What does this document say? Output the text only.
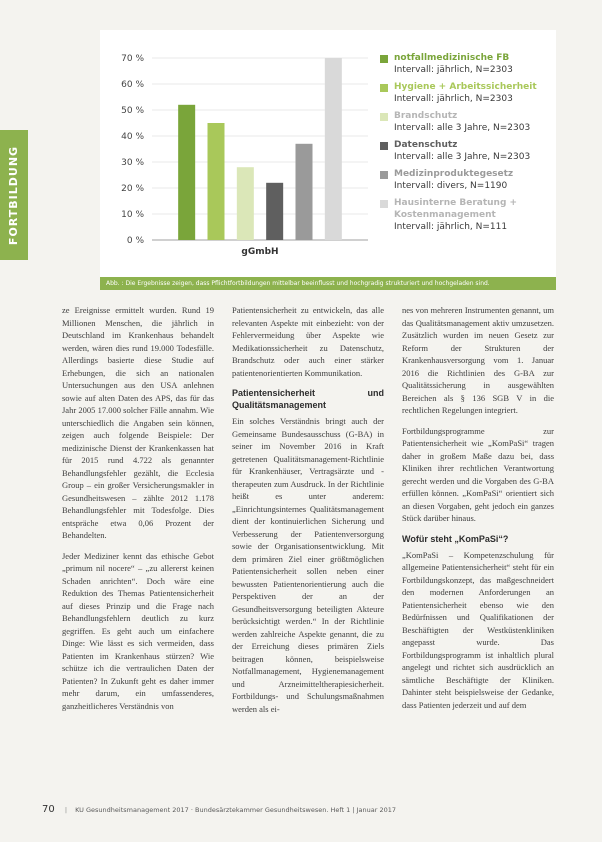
FORTBILDUNG
70 %
60 %
50 %
40 %
30 %
20 %
10 %
0 %
gGmbH
notfallmedizinische FB
Intervall: jährlich, N=2303
Hygiene + Arbeitssicherheit
Intervall: jährlich, N=2303
Brandschutz
Intervall: alle 3 Jahre, N=2303
Datenschutz
Intervall: alle 3 Jahre, N=2303
Medizinproduktegesetz
Intervall: divers, N=1190
Hausinterne Beratung + Kostenmanagement
Intervall: jährlich, N=111
Abb. : Die Ergebnisse zeigen, dass Pflichtfortbildungen mittelbar beeinflusst und hochgradig strukturiert und hochgeladen sind.

ze Ereignisse ermittelt wurden. Rund 19 Millionen Menschen, die jährlich in Deutschland im Krankenhaus behandelt werden, wären dies rund 19.000 Todesfälle. Allerdings basierte diese Studie auf Erhebungen, die sich an nationalen Untersuchungen aus den USA anlehnen sowie auf alten Daten des APS, das für das Jahr 2005 17.000 solcher Fälle annahm. Wie unterschiedlich die Angaben sein können, zeigen auch folgende Beispiele: Der medizinische Dienst der Krankenkassen hat für 2015 rund 4.722 als genannter Behandlungsfehler gezählt, die Ecclesia Group – ein großer Versicherungsmakler in Gesundheitswesen – zählte 2012 1.178 Behandlungsfehler mit Todesfolge. Dies entspräche etwa 0,06 Prozent der Behandelten.

Jeder Mediziner kennt das ethische Gebot „primum nil nocere“ – „zu allererst keinen Schaden anrichten“. Doch wäre eine Reduktion des Themas Patientensicherheit auf dieses Prinzip und die Frage nach Behandlungsfehlern deutlich zu kurz gegriffen. Es geht auch um einfachere Dinge: Wie lässt es sich vermeiden, dass Patienten im Krankenhaus stürzen? Wie schütze ich die vertraulichen Daten der Patienten? In Zukunft geht es daher immer mehr darum, ein umfassenderes, ganzheitlicheres Verständnis von

Patientensicherheit zu entwickeln, das alle relevanten Aspekte mit einbezieht: von der Fehlervermeidung über Aspekte wie Medikationssicherheit zu Datenschutz, Brandschutz oder auch einer stärker patientenorientierten Kommunikation.

Patientensicherheit und Qualitätsmanagement

Ein solches Verständnis bringt auch der Gemeinsame Bundesausschuss (G-BA) in seiner im November 2016 in Kraft getretenen Qualitätsmanagement-Richtlinie für Krankenhäuser, Vertragsärzte und -therapeuten zum Ausdruck. In der Richtlinie heißt es unter anderem: „Einrichtungsinternes Qualitätsmanagement dient der kontinuierlichen Sicherung und Verbesserung der Patientenversorgung sowie der Organisationsentwicklung. Mit dem primären Ziel einer größtmöglichen Patientensicherheit sollen neben einer bewussten Patientenorientierung auch die Perspektiven der an der Gesundheitsversorgung beteiligten Akteure berücksichtigt werden.“ In der Richtlinie werden zahlreiche Aspekte genannt, die zu der Erreichung dieses primären Ziels beitragen können, beispielsweise Notfallmanagement, Hygienemanagement und Arzneimitteltherapiesicherheit. Fortbildungs- und Schulungsmaßnahmen werden als ei-

nes von mehreren Instrumenten genannt, um das Qualitätsmanagement aktiv umzusetzen. Zusätzlich wurden im neuen Gesetz zur Reform der Strukturen der Krankenhausversorgung vom 1. Januar 2016 die Richtlinien des G-BA zur Qualitätssicherung in ausgewählten Bereichen als § 136 SGB V in die rechtlichen Regelungen integriert.

Fortbildungsprogramme zur Patientensicherheit wie „KomPaSi“ tragen daher in großem Maße dazu bei, dass Kliniken ihrer rechtlichen Verantwortung gerecht werden und die Vorgaben des G-BA erfüllen können. „KomPaSi“ orientiert sich an diesen Vorgaben, geht jedoch ein ganzes Stück darüber hinaus.

Wofür steht „KomPaSi“?

„KomPaSi – Kompetenzschulung für allgemeine Patientensicherheit“ steht für ein Fortbildungskonzept, das maßgeschneidert den modernen Anforderungen an Patientensicherheit ebenso wie den Bedürfnissen und Qualifikationen der Beschäftigten der Westküstenkliniken angepasst wurde. Das Fortbildungsprogramm ist inhaltlich plural angelegt und richtet sich ausdrücklich an sämtliche Beschäftigte der Kliniken. Dahinter steht beispielsweise der Gedanke, dass Patienten jederzeit und auf dem

70 | KU Gesundheitsmanagement 2017 · Bundesärztekammer Gesundheitswesen. Heft 1 | Januar 2017
